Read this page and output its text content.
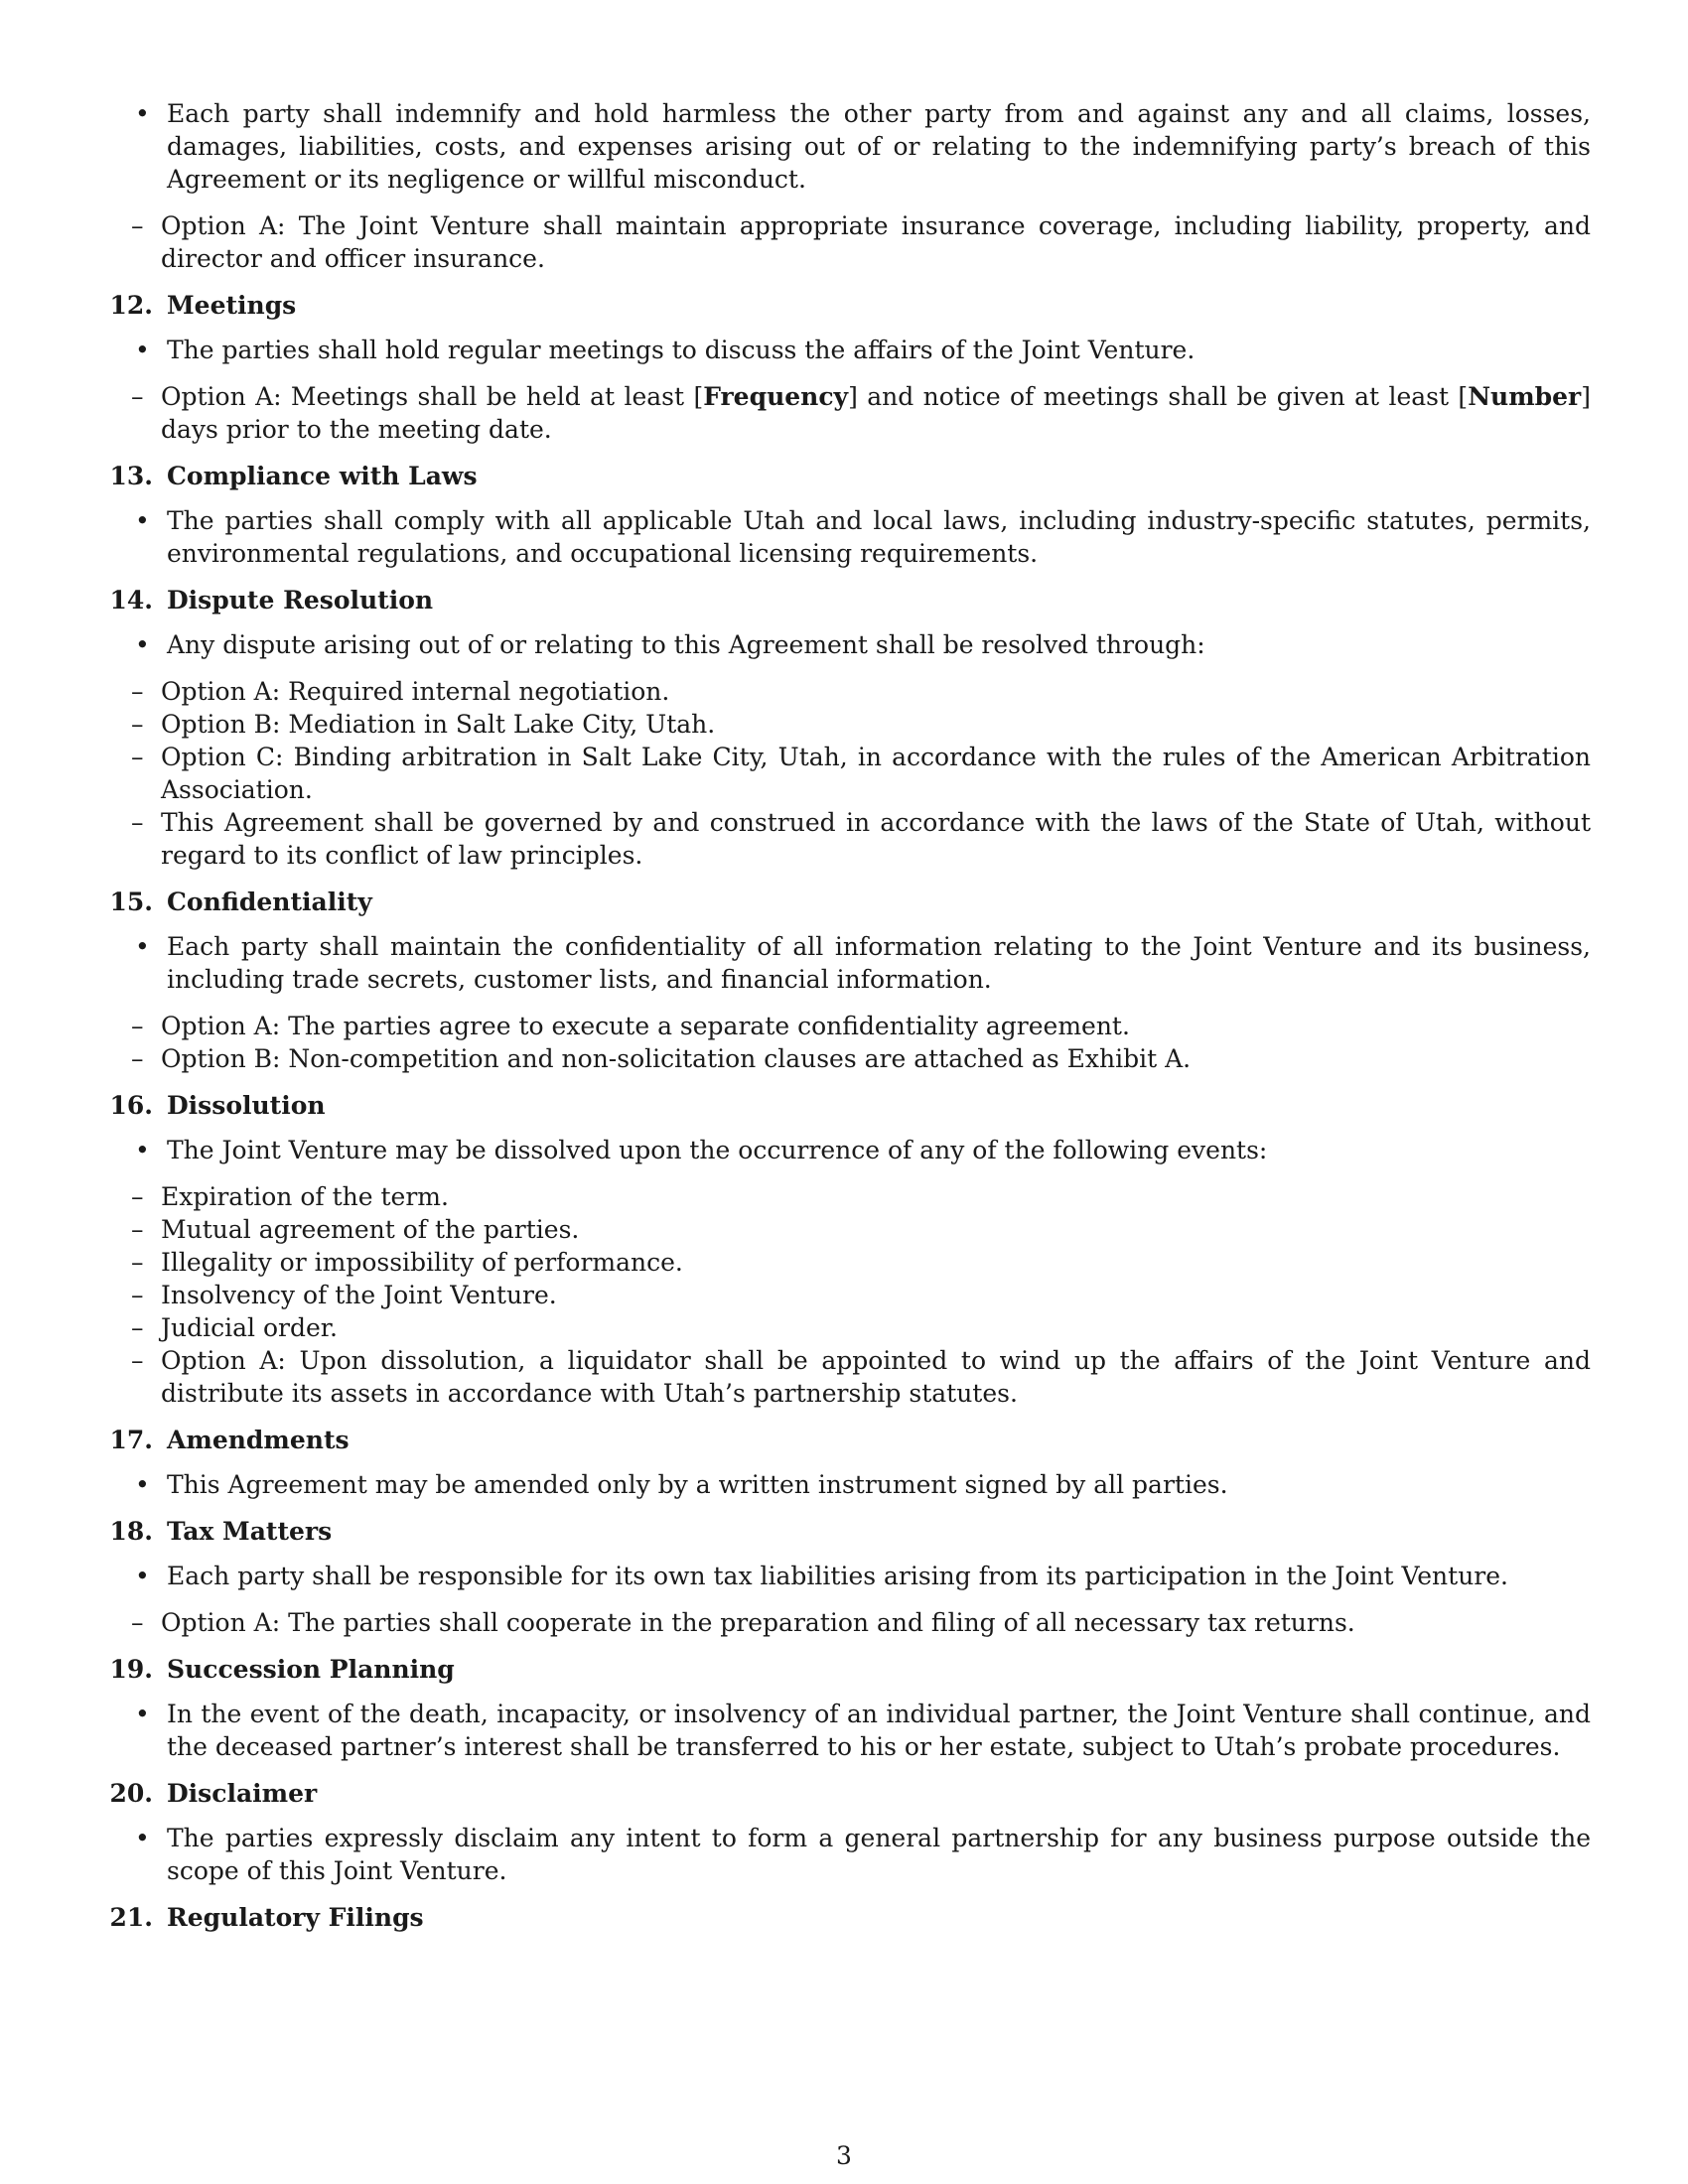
• Each party shall indemnify and hold harmless the other party from and against any and all claims, losses, damages, liabilities, costs, and expenses arising out of or relating to the indemnifying party’s breach of this Agreement or its negligence or willful misconduct.
– Option A: The Joint Venture shall maintain appropriate insurance coverage, including liability, property, and director and officer insurance.
12. Meetings
• The parties shall hold regular meetings to discuss the affairs of the Joint Venture.
– Option A: Meetings shall be held at least [Frequency] and notice of meetings shall be given at least [Number] days prior to the meeting date.
13. Compliance with Laws
• The parties shall comply with all applicable Utah and local laws, including industry-specific statutes, permits, environmental regulations, and occupational licensing requirements.
14. Dispute Resolution
• Any dispute arising out of or relating to this Agreement shall be resolved through:
– Option A: Required internal negotiation.
– Option B: Mediation in Salt Lake City, Utah.
– Option C: Binding arbitration in Salt Lake City, Utah, in accordance with the rules of the American Arbitration Association.
– This Agreement shall be governed by and construed in accordance with the laws of the State of Utah, without regard to its conflict of law principles.
15. Confidentiality
• Each party shall maintain the confidentiality of all information relating to the Joint Venture and its business, including trade secrets, customer lists, and financial information.
– Option A: The parties agree to execute a separate confidentiality agreement.
– Option B: Non-competition and non-solicitation clauses are attached as Exhibit A.
16. Dissolution
• The Joint Venture may be dissolved upon the occurrence of any of the following events:
– Expiration of the term.
– Mutual agreement of the parties.
– Illegality or impossibility of performance.
– Insolvency of the Joint Venture.
– Judicial order.
– Option A: Upon dissolution, a liquidator shall be appointed to wind up the affairs of the Joint Venture and distribute its assets in accordance with Utah’s partnership statutes.
17. Amendments
• This Agreement may be amended only by a written instrument signed by all parties.
18. Tax Matters
• Each party shall be responsible for its own tax liabilities arising from its participation in the Joint Venture.
– Option A: The parties shall cooperate in the preparation and filing of all necessary tax returns.
19. Succession Planning
• In the event of the death, incapacity, or insolvency of an individual partner, the Joint Venture shall continue, and the deceased partner’s interest shall be transferred to his or her estate, subject to Utah’s probate procedures.
20. Disclaimer
• The parties expressly disclaim any intent to form a general partnership for any business purpose outside the scope of this Joint Venture.
21. Regulatory Filings
3
